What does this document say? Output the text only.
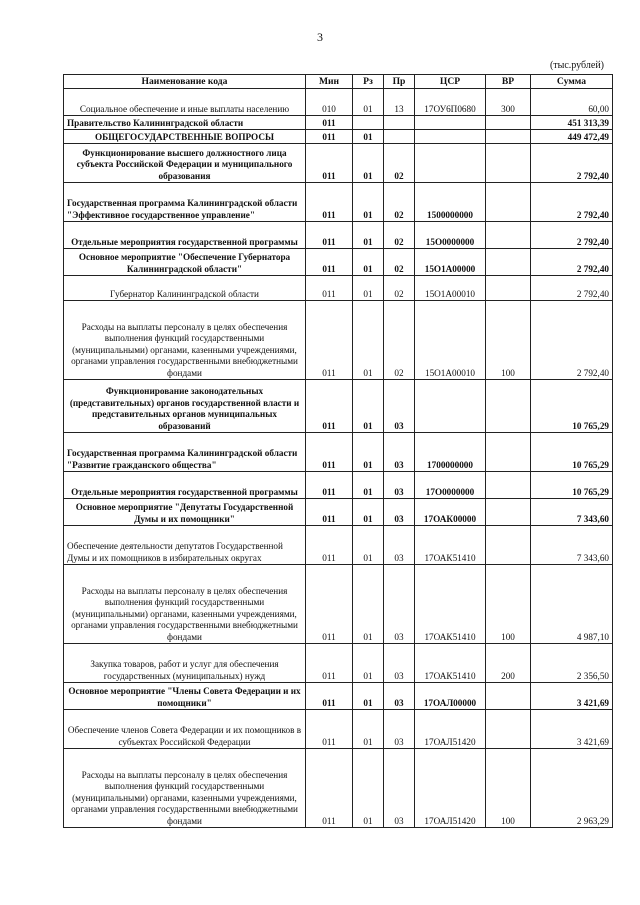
3
(тыс.рублей)
Наименование кода	Мин	Рз	Пр	ЦСР	ВР	Сумма
Социальное обеспечение и иные выплаты населению	010	01	13	17ОУ6П0680	300	60,00
Правительство Калининградской области	011					451 313,39
ОБЩЕГОСУДАРСТВЕННЫЕ ВОПРОСЫ	011	01				449 472,49
Функционирование высшего должностного лица субъекта Российской Федерации и муниципального образования	011	01	02			2 792,40
Государственная программа Калининградской области "Эффективное государственное управление"	011	01	02	1500000000		2 792,40
Отдельные мероприятия государственной программы	011	01	02	15О0000000		2 792,40
Основное мероприятие "Обеспечение Губернатора Калининградской области"	011	01	02	15О1А00000		2 792,40
Губернатор Калининградской области	011	01	02	15О1А00010		2 792,40
Расходы на выплаты персоналу в целях обеспечения выполнения функций государственными (муниципальными) органами, казенными учреждениями, органами управления государственными внебюджетными фондами	011	01	02	15О1А00010	100	2 792,40
Функционирование законодательных (представительных) органов государственной власти и представительных органов муниципальных образований	011	01	03			10 765,29
Государственная программа Калининградской области "Развитие гражданского общества"	011	01	03	1700000000		10 765,29
Отдельные мероприятия государственной программы	011	01	03	17О0000000		10 765,29
Основное мероприятие "Депутаты Государственной Думы и их помощники"	011	01	03	17ОАК00000		7 343,60
Обеспечение деятельности депутатов Государственной Думы и их помощников в избирательных округах	011	01	03	17ОАК51410		7 343,60
Расходы на выплаты персоналу в целях обеспечения выполнения функций государственными (муниципальными) органами, казенными учреждениями, органами управления государственными внебюджетными фондами	011	01	03	17ОАК51410	100	4 987,10
Закупка товаров, работ и услуг для обеспечения государственных (муниципальных) нужд	011	01	03	17ОАК51410	200	2 356,50
Основное мероприятие "Члены Совета Федерации и их помощники"	011	01	03	17ОАЛ00000		3 421,69
Обеспечение членов Совета Федерации и их помощников в субъектах Российской Федерации	011	01	03	17ОАЛ51420		3 421,69
Расходы на выплаты персоналу в целях обеспечения выполнения функций государственными (муниципальными) органами, казенными учреждениями, органами управления государственными внебюджетными фондами	011	01	03	17ОАЛ51420	100	2 963,29
